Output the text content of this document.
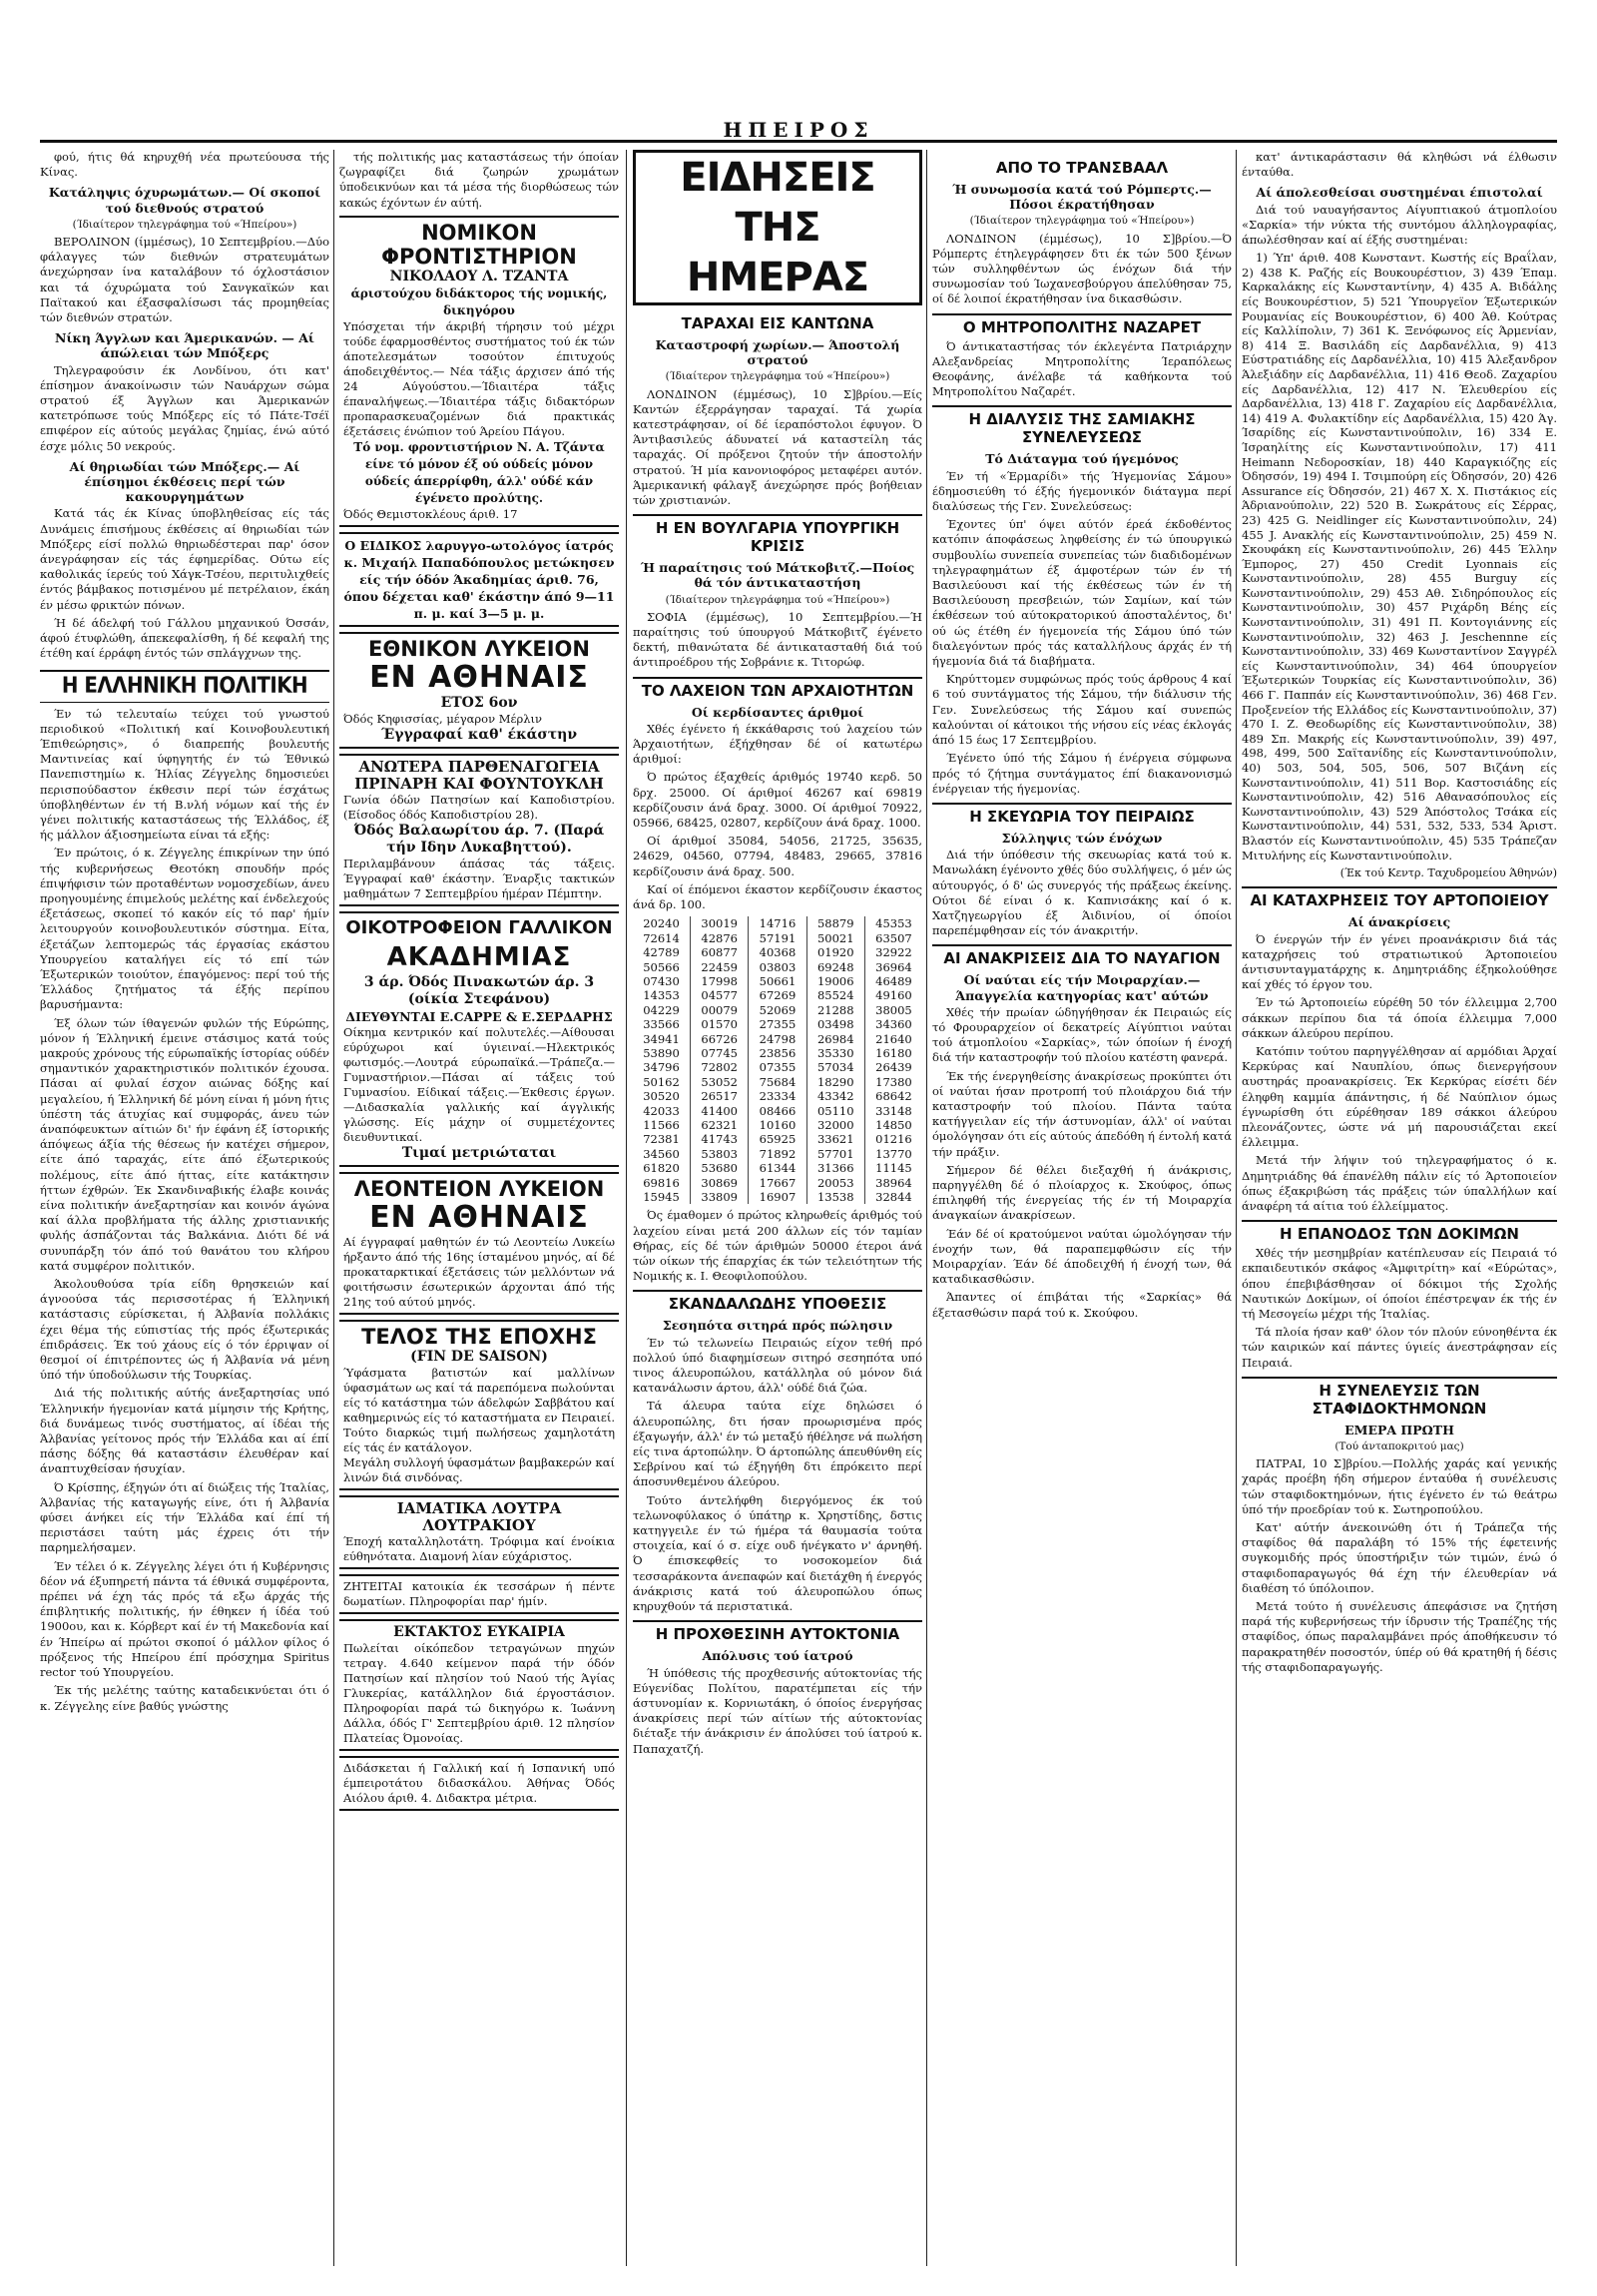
ΗΠΕΙΡΟΣ

φού, ήτις θά κηρυχθή νέα πρωτεύουσα τής Κίνας.

Κατάληψις όχυρωμάτων.— Οί σκοποί τού διεθνούς στρατού
(Ίδιαίτερον τηλεγράφημα τού «Ήπείρου»)

ΒΕΡΟΛΙΝΟΝ (ίμμέσως), 10 Σεπτεμβρίου.—Δύο φάλαγγες τών διεθνών στρατευμάτων άνεχώρησαν ίνα καταλάβουν τό όχλοστάσιον και τά όχυρώματα τού Σανγκαϊκών και Παϊτακού και έξασφαλίσωσι τάς προμηθείας τών διεθνών στρατών.

Νίκη Άγγλων και Άμερικανών. — Αί άπώλειαι τών Μπόξερς

Τηλεγραφούσιν έκ Λονδίνου, ότι κατ' έπίσημον άνακοίνωσιν τών Ναυάρχων σώμα στρατού έξ Άγγλων και Άμερικανών κατετρόπωσε τούς Μπόξερς είς τό Πάτε-Τσέϊ επιφέρον είς αύτούς μεγάλας ζημίας, ένώ αύτό έσχε μόλις 50 νεκρούς.

Αί θηριωδίαι τών Μπόξερς.— Αί έπίσημοι έκθέσεις περί τών κακουργημάτων

Κατά τάς έκ Κίνας ύποβληθείσας είς τάς Δυνάμεις έπισήμους έκθέσεις αί θηριωδίαι τών Μπόξερς είσί πολλώ θηριωδέστεραι παρ' όσον άνεγράφησαν είς τάς έφημερίδας. Ούτω είς καθολικάς ίερεύς τού Χάγκ-Τσέου, περιτυλιχθείς έντός βάμβακος ποτισμένου μέ πετρέλαιον, έκάη έν μέσω φρικτών πόνων.

Ή δέ άδελφή τού Γάλλου μηχανικού Όσσάν, άφού έτυφλώθη, άπεκεφαλίσθη, ή δέ κεφαλή της έτέθη καί έρράφη έντός τών σπλάγχνων της.

Η ΕΛΛΗΝΙΚΗ ΠΟΛΙΤΙΚΗ

Έν τώ τελευταίω τεύχει τού γνωστού περιοδικού «Πολιτική καί Κοινοβουλευτική Έπιθεώρησις», ό διαπρεπής βουλευτής Μαντινείας καί ύφηγητής έν τώ Έθνικώ Πανεπιστημίω κ. Ήλίας Ζέγγελης δημοσιεύει περισπούδαστον έκθεσιν περί τών έσχάτως ύποβληθέντων έν τή Β.νλή νόμων καί τής έν γένει πολιτικής καταστάσεως τής Έλλάδος, έξ ής μάλλον άξιοσημείωτα είναι τά εξής:

Έν πρώτοις, ό κ. Ζέγγελης έπικρίνων την ύπό τής κυβερνήσεως Θεοτόκη σπουδήν πρός έπιψήφισιν τών προταθέντων νομοσχεδίων, άνευ προηγουμένης έπιμελούς μελέτης καί ένδελεχούς έξετάσεως, σκοπεί τό κακόν είς τό παρ' ήμίν λειτουργούν κοινοβουλευτικόν σύστημα. Είτα, έξετάζων λεπτομερώς τάς έργασίας εκάστου Υπουργείου καταλήγει είς τό επί τών Έξωτερικών τοιούτον, έπαγόμενος: περί τού τής Έλλάδος ζητήματος τά έξής περίπου βαρυσήμαντα:

Έξ όλων τών ίθαγενών φυλών τής Εύρώπης, μόνον ή Έλληνική έμεινε στάσιμος κατά τούς μακρούς χρόνους τής εύρωπαϊκής ίστορίας ούδέν σημαντικόν χαρακτηριστικόν πολιτικόν έχουσα. Πάσαι αί φυλαί έσχον αιώνας δόξης καί μεγαλείου, ή Έλληνική δέ μόνη είναι ή μόνη ήτις ύπέστη τάς άτυχίας καί συμφοράς, άνευ τών άναπόφευκτων αίτιών δι' ήν έφάνη έξ ίστορικής άπόψεως άξία τής θέσεως ήν κατέχει σήμερον, είτε άπό ταραχάς, είτε άπό έξωτερικούς πολέμους, είτε άπό ήττας, είτε κατάκτησιν ήττων έχθρών. Έκ Σκανδιναβικής έλαβε κοινάς είνα πολιτικήν άνεξαρτησίαν και κοινόν άγώνα καί άλλα προβλήματα τής άλλης χριστιανικής φυλής άσπάζονται τάς Βαλκάνια. Διότι δέ νά συνυπάρξη τόν άπό τού θανάτου του κλήρου κατά συμφέρον πολιτικόν.

Άκολουθούσα τρία είδη θρησκειών καί άγνοούσα τάς περισσοτέρας ή Έλληνική κατάστασις εύρίσκεται, ή Άλβανία πολλάκις έχει θέμα τής εύπιστίας τής πρός έξωτερικάς έπιδράσεις. Έκ τού χάους είς ό τόν έρριψαν οί θεσμοί οί έπιτρέποντες ώς ή Άλβανία νά μένη ύπό τήν ύποδούλωσιν τής Τουρκίας.

Διά τής πολιτικής αύτής άνεξαρτησίας υπό Έλληνικήν ήγεμονίαν κατά μίμησιν τής Κρήτης, διά δυνάμεως τινός συστήματος, αί ίδέαι τής Άλβανίας γείτονος πρός τήν Έλλάδα και αί έπί πάσης δόξης θά καταστάσιν έλευθέραν καί άναπτυχθείσαν ήσυχίαν.

Ό Κρίσπης, έξηγών ότι αί διώξεις τής Ίταλίας, Άλβανίας τής καταγωγής είνε, ότι ή Άλβανία φύσει άνήκει είς τήν Έλλάδα καί έπί τή περιστάσει ταύτη μάς έχρεις ότι τήν παρημελήσαμεν.

Έν τέλει ό κ. Ζέγγελης λέγει ότι ή Κυβέρνησις δέον νά έξυπηρετή πάντα τά έθνικά συμφέροντα, πρέπει νά έχη τάς πρός τά εξω άρχάς τής έπιβλητικής πολιτικής, ήν έθηκεν ή ίδέα τού 1900ου, και κ. Κόρβερτ καί έν τή Μακεδονία καί έν Ήπείρω αί πρώτοι σκοποί ό μάλλον φίλος ό πρόξενος τής Ηπείρου έπί πρόσχημα Spiritus rector τού Υπουργείου.

Έκ τής μελέτης ταύτης καταδεικνύεται ότι ό κ. Ζέγγελης είνε βαθύς γνώστης

τής πολιτικής μας καταστάσεως τήν όποίαν ζωγραφίζει διά ζωηρών χρωμάτων ύποδεικνύων και τά μέσα τής διορθώσεως τών κακώς έχόντων έν αύτή.

ΝΟΜΙΚΟΝ ΦΡΟΝΤΙΣΤΗΡΙΟΝ
ΝΙΚΟΛΑΟΥ Λ. ΤΖΑΝΤΑ
άριστούχου διδάκτορος τής νομικής, δικηγόρου
Υπόσχεται τήν άκριβή τήρησιν τού μέχρι τούδε έφαρμοσθέντος συστήματος τού έκ τών άποτελεσμάτων τοσούτον έπιτυχούς άποδειχθέντος.— Νέα τάξις άρχισεν άπό τής 24 Αύγούστου.—Ίδιαιτέρα τάξις έπαναλήψεως.—Ίδιαιτέρα τάξις διδακτόρων προπαρασκευαζομένων διά πρακτικάς έξετάσεις ένώπιον τού Άρείου Πάγου.
Τό νομ. φροντιστήριον Ν. Α. Τζάντα είνε τό μόνον έξ ού ούδείς μόνον ούδείς άπερρίφθη, άλλ' ούδέ κάν έγένετο προλύτης.
Όδός Θεμιστοκλέους άριθ. 17
Ο ΕΙΔΙΚΟΣ λαρυγγο-ωτολόγος ίατρός κ. Μιχαήλ Παπαδόπουλος μετώκησεν είς τήν όδόν Άκαδημίας άριθ. 76, όπου δέχεται καθ' έκάστην άπό 9—11 π. μ. καί 3—5 μ. μ.
ΕΘΝΙΚΟΝ ΛΥΚΕΙΟΝ
ΕΝ ΑΘΗΝΑΙΣ
ΕΤΟΣ 6ον
Όδός Κηφισσίας, μέγαρον Μέρλιν
Έγγραφαί καθ' έκάστην
ΑΝΩΤΕΡΑ ΠΑΡΘΕΝΑΓΩΓΕΙΑ
ΠΡΙΝΑΡΗ ΚΑΙ ΦΟΥΝΤΟΥΚΛΗ
Γωνία όδών Πατησίων καί Καποδιστρίου. (Είσοδος όδός Καποδιστρίου 28).
Όδός Βαλαωρίτου άρ. 7. (Παρά τήν Ιδην Λυκαβηττού).
Περιλαμβάνουν άπάσας τάς τάξεις. Έγγραφαί καθ' έκάστην. Έναρξις τακτικών μαθημάτων 7 Σεπτεμβρίου ήμέραν Πέμπτην.
ΟΙΚΟΤΡΟΦΕΙΟΝ ΓΑΛΛΙΚΟΝ
ΑΚΑΔΗΜΙΑΣ
3 άρ. Όδός Πινακωτών άρ. 3 (οίκία Στεφάνου)
ΔΙΕΥΘΥΝΤΑΙ Ε.CAPPE & Ε.ΣΕΡΔΑΡΗΣ
Οίκημα κεντρικόν καί πολυτελές.—Αίθουσαι εύρύχωροι καί ύγιειναί.—Ηλεκτρικός φωτισμός.—Λουτρά εύρωπαϊκά.—Τράπεζα.—Γυμναστήριον.—Πάσαι αί τάξεις τού Γυμνασίου. Είδικαί τάξεις.—Έκθεσις έργων.—Διδασκαλία γαλλικής καί άγγλικής γλώσσης. Είς μάχην οί συμμετέχοντες διευθυντικαί.
Τιμαί μετριώταται
ΛΕΟΝΤΕΙΟΝ ΛΥΚΕΙΟΝ
ΕΝ ΑΘΗΝΑΙΣ
Αί έγγραφαί μαθητών έν τώ Λεοντείω Λυκείω ήρξαντο άπό τής 16ης ίσταμένου μηνός, αί δέ προκαταρκτικαί έξετάσεις τών μελλόντων νά φοιτήσωσιν έσωτερικών άρχονται άπό τής 21ης τού αύτού μηνός.
ΤΕΛΟΣ ΤΗΣ ΕΠΟΧΗΣ
(FIN DE SAISON)
Ύφάσματα βατιστών καί μαλλίνων ύφασμάτων ως καί τά παρεπόμενα πωλούνται είς τό κατάστημα τών άδελφών Σαββάτου καί καθημερινώς είς τό καταστήματα εν Πειραιεί. Τούτο διαρκώς τιμή πωλήσεως χαμηλοτάτη είς τάς έν κατάλογον.
Μεγάλη συλλογή ύφασμάτων βαμβακερών καί λινών διά σινδόνας.
ΙΑΜΑΤΙΚΑ ΛΟΥΤΡΑ ΛΟΥΤΡΑΚΙΟΥ
Έποχή καταλληλοτάτη. Τρόφιμα καί ένοίκια εύθηνότατα. Διαμονή λίαν εύχάριστος.
ΖΗΤΕΙΤΑΙ κατοικία έκ τεσσάρων ή πέντε δωματίων. Πληροφορίαι παρ' ήμίν.
ΕΚΤΑΚΤΟΣ ΕΥΚΑΙΡΙΑ
Πωλείται οίκόπεδον τετραγώνων πηχών τετραγ. 4.640 κείμενον παρά τήν όδόν Πατησίων καί πλησίον τού Ναού τής Άγίας Γλυκερίας, κατάλληλον διά έργοστάσιον. Πληροφορίαι παρά τώ δικηγόρω κ. Ίωάννη Δάλλα, όδός Γ' Σεπτεμβρίου άριθ. 12 πλησίον Πλατείας Όμονοίας.
Διδάσκεται ή Γαλλική καί ή Ισπανική υπό έμπειροτάτου διδασκάλου. Άθήνας Όδός Αιόλου άριθ. 4. Διδακτρα μέτρια.
ΕΙΔΗΣΕΙΣ ΤΗΣ ΗΜΕΡΑΣ
ΤΑΡΑΧΑΙ ΕΙΣ ΚΑΝΤΩΝΑ
Καταστροφή χωρίων.— Άποστολή στρατού
(Ίδιαίτερον τηλεγράφημα τού «Ήπείρου»)

ΛΟΝΔΙΝΟΝ (έμμέσως), 10 Σ]βρίου.—Είς Καντών έξερράγησαν ταραχαί. Τά χωρία κατεστράφησαν, οί δέ ίεραπόστολοι έφυγον. Ό Άντιβασιλεύς άδυνατεί νά καταστείλη τάς ταραχάς. Οί πρόξενοι ζητούν τήν άποστολήν στρατού. Ή μία κανονιοφόρος μεταφέρει αυτόν. Άμερικανική φάλαγξ άνεχώρησε πρός βοήθειαν τών χριστιανών.

Η ΕΝ ΒΟΥΛΓΑΡΙΑ ΥΠΟΥΡΓΙΚΗ ΚΡΙΣΙΣ
Ή παραίτησις τού Μάτκοβιτζ.—Ποίος θά τόν άντικαταστήση
(Ίδιαίτερον τηλεγράφημα τού «Ήπείρου»)

ΣΟΦΙΑ (έμμέσως), 10 Σεπτεμβρίου.—Ή παραίτησις τού ύπουργού Μάτκοβιτζ έγένετο δεκτή, πιθανώτατα δέ άντικατασταθή διά τού άντιπροέδρου τής Σοβράνιε κ. Τιτορώφ.

ΤΟ ΛΑΧΕΙΟΝ ΤΩΝ ΑΡΧΑΙΟΤΗΤΩΝ
Οί κερδίσαντες άριθμοί

Χθές έγένετο ή έκκάθαρσις τού λαχείου τών Άρχαιοτήτων, έξήχθησαν δέ οί κατωτέρω άριθμοί:

Ό πρώτος έξαχθείς άριθμός 19740 κερδ. 50 δρχ. 25000. Οί άριθμοί 46267 καί 69819 κερδίζουσιν άνά δραχ. 3000. Οί άριθμοί 70922, 05966, 68425, 02807, κερδίζουν άνά δραχ. 1000.

Οί άριθμοί 35084, 54056, 21725, 35635, 24629, 04560, 07794, 48483, 29665, 37816 κερδίζουσιν άνά δραχ. 500.

Καί οί έπόμενοι έκαστον κερδίζουσιν έκαστος άνά δρ. 100.

20240	30019	14716	58879	45353
72614	42876	57191	50021	63507
42789	60877	40368	01920	32922
50566	22459	03803	69248	36964
07430	17998	50661	19006	46489
14353	04577	67269	85524	49160
04229	00079	52069	21288	38005
33566	01570	27355	03498	34360
34941	66726	24798	26984	21640
53890	07745	23856	35330	16180
34796	72802	07355	57034	26439
50162	53052	75684	18290	17380
30520	26517	23334	43342	68642
42033	41400	08466	05110	33148
11566	62321	10160	32000	14850
72381	41743	65925	33621	01216
34560	53803	71892	57701	13770
61820	53680	61344	31366	11145
69816	30869	17667	20053	38964
15945	33809	16907	13538	32844

Ός έμαθομεν ό πρώτος κληρωθείς άριθμός τού λαχείου είναι μετά 200 άλλων είς τόν ταμίαν Θήρας, είς δέ τών άριθμών 50000 έτεροι άνά τών οίκων τής έπαρχίας έκ τών τελειότητων τής Νομικής κ. Ι. Θεοφιλοπούλου.

ΣΚΑΝΔΑΛΩΔΗΣ ΥΠΟΘΕΣΙΣ
Σεσηπότα σιτηρά πρός πώλησιν

Έν τώ τελωνείω Πειραιώς είχον τεθή πρό πολλού ύπό διαφημίσεων σιτηρό σεσηπότα υπό τινος άλευροπώλου, κατάλληλα ού μόνον διά κατανάλωσιν άρτου, άλλ' ούδέ διά ζώα.

Τά άλευρα ταύτα είχε δηλώσει ό άλευροπώλης, δτι ήσαν προωρισμένα πρός έξαγωγήν, άλλ' έν τώ μεταξύ ήθέλησε νά πωλήση είς τινα άρτοπώλην. Ό άρτοπώλης άπευθύνθη είς Σεβρίνου καί τώ έξηγήθη δτι έπρόκειτο περί άποσυνθεμένου άλεύρου.

Τούτο άντελήφθη διεργόμενος έκ τού τελωνοφύλακος ό ύπάτηρ κ. Χρηστίδης, δστις κατηγγειλε έν τώ ήμέρα τά θαυμασία τούτα στοιχεία, καί ό σ. είχε ουδ ήνέγκατο ν' άρνηθή. Ό έπισκεφθείς το νοσοκομείον διά τεσσαράκοντα άνεπαφών καί διετάχθη ή ένεργός άνάκρισις κατά τού άλευροπώλου όπως κηρυχθούν τά περιστατικά.

Η ΠΡΟΧΘΕΣΙΝΗ ΑΥΤΟΚΤΟΝΙΑ
Απόλυσις τού ίατρού

Ή ύπόθεσις τής προχθεσινής αύτοκτονίας τής Εύγενίδας Πολίτου, παρατέμπεται είς τήν άστυνομίαν κ. Κορνιωτάκη, ό όποίος ένεργήσας άνακρίσεις περί τών αίτίων τής αύτοκτονίας διέταξε τήν άνάκρισιν έν άπολύσει τού ίατρού κ. Παπαχατζή.

ΑΠΟ ΤΟ ΤΡΑΝΣΒΑΑΛ
Ή συνωμοσία κατά τού Ρόμπερτς.— Πόσοι έκρατήθησαν
(Ίδιαίτερον τηλεγράφημα τού «Ήπείρου»)

ΛΟΝΔΙΝΟΝ (έμμέσως), 10 Σ]βρίου.—Ό Ρόμπερτς έτηλεγράφησεν δτι έκ τών 500 ξένων τών συλληφθέντων ώς ένόχων διά τήν συνωμοσίαν τού Ίωχανεσβούργου άπελύθησαν 75, οί δέ λοιποί έκρατήθησαν ίνα δικασθώσιν.

Ο ΜΗΤΡΟΠΟΛΙΤΗΣ ΝΑΖΑΡΕΤ

Ό άντικαταστήσας τόν έκλεγέντα Πατριάρχην Αλεξανδρείας Μητροπολίτης Ίεραπόλεως Θεοφάνης, άνέλαβε τά καθήκοντα τού Μητροπολίτου Ναζαρέτ.

Η ΔΙΑΛΥΣΙΣ ΤΗΣ ΣΑΜΙΑΚΗΣ ΣΥΝΕΛΕΥΣΕΩΣ
Τό Διάταγμα τού ήγεμόνος

Έν τή «Έρμαρίδι» τής Ήγεμονίας Σάμου» έδημοσιεύθη τό έξής ήγεμονικόν διάταγμα περί διαλύσεως τής Γεν. Συνελεύσεως:

Έχοντες ύπ' όψει αύτόν έρεά έκδοθέντος κατόπιν άποφάσεως ληφθείσης έν τώ ύπουργικώ συμβουλίω συνεπεία συνεπείας τών διαδιδομένων τηλεγραφημάτων έξ άμφοτέρων τών έν τή Βασιλεύουσι καί τής έκθέσεως τών έν τή Βασιλεύουση πρεσβειών, τών Σαμίων, καί τών έκθέσεων τού αύτοκρατορικού άποσταλέντος, δι' ού ώς έτέθη έν ήγεμονεία τής Σάμου ύπό τών διαλεγόντων πρός τάς καταλλήλους άρχάς έν τή ήγεμονία διά τά διαβήματα.

Κηρύττομεν συμφώνως πρός τούς άρθρους 4 καί 6 τού συντάγματος τής Σάμου, τήν διάλυσιν τής Γεν. Συνελεύσεως τής Σάμου καί συνεπώς καλούνται οί κάτοικοι τής νήσου είς νέας έκλογάς άπό 15 έως 17 Σεπτεμβρίου.

Έγένετο ύπό τής Σάμου ή ένέργεια σύμφωνα πρός τό ζήτημα συντάγματος έπί διακανονισμώ ένέργειαν τής ήγεμονίας.

Η ΣΚΕΥΩΡΙΑ ΤΟΥ ΠΕΙΡΑΙΩΣ
Σύλληψις τών ένόχων

Διά τήν ύπόθεσιν τής σκευωρίας κατά τού κ. Μανωλάκη έγένοντο χθές δύο συλλήψεις, ό μέν ώς αύτουργός, ό δ' ώς συνεργός τής πράξεως έκείνης. Ούτοι δέ είναι ό κ. Καπνισάκης καί ό κ. Χατζηγεωργίου έξ Άιδινίου, οί όποίοι παρεπέμφθησαν είς τόν άνακριτήν.

ΑΙ ΑΝΑΚΡΙΣΕΙΣ ΔΙΑ ΤΟ ΝΑΥΑΓΙΟΝ
Οί ναύται είς τήν Μοιραρχίαν.— Άπαγγελία κατηγορίας κατ' αύτών

Χθές τήν πρωίαν ώδηγήθησαν έκ Πειραιώς είς τό Φρουραρχείον οί δεκατρείς Αίγύπτιοι ναύται τού άτμοπλοίου «Σαρκίας», τών όποίων ή ένοχή διά τήν καταστροφήν τού πλοίου κατέστη φανερά.

Έκ τής ένεργηθείσης άνακρίσεως προκύπτει ότι οί ναύται ήσαν προτροπή τού πλοιάρχου διά τήν καταστροφήν τού πλοίου. Πάντα ταύτα κατήγγειλαν είς τήν άστυνομίαν, άλλ' οί ναύται όμολόγησαν ότι είς αύτούς άπεδόθη ή έντολή κατά τήν πράξιν.

Σήμερον δέ θέλει διεξαχθή ή άνάκρισις, παρηγγέλθη δέ ό πλοίαρχος κ. Σκούφος, όπως έπιληφθή τής ένεργείας τής έν τή Μοιραρχία άναγκαίων άνακρίσεων.

Έάν δέ οί κρατούμενοι ναύται ώμολόγησαν τήν ένοχήν των, θά παραπεμφθώσιν είς τήν Μοιραρχίαν. Έάν δέ άποδειχθή ή ένοχή των, θά καταδικασθώσιν.

Άπαντες οί έπιβάται τής «Σαρκίας» θά έξετασθώσιν παρά τού κ. Σκούφου.

κατ' άντικαράστασιν θά κληθώσι νά έλθωσιν ένταύθα.

Αί άπολεσθείσαι συστημέναι έπιστολαί

Διά τού ναυαγήσαντος Αίγυπτιακού άτμοπλοίου «Σαρκία» τήν νύκτα τής συντόμου άλληλογραφίας, άπωλέσθησαν καί αί έξής συστημέναι:

1) Ύπ' άριθ. 408 Κωνσταντ. Κωστής είς Βραΐλαν, 2) 438 Κ. Ραζής είς Βουκουρέστιον, 3) 439 Έπαμ. Καρκαλάκης είς Κωνσταντίνην, 4) 435 Α. Βιδάλης είς Βουκουρέστιον, 5) 521 Ύπουργεϊον Έξωτερικών Ρουμανίας είς Βουκουρέστιον, 6) 400 Άθ. Κούτρας είς Καλλίπολιν, 7) 361 Κ. Ξενόφωνος είς Άρμενίαν, 8) 414 Ξ. Βασιλάδη είς Δαρδανέλλια, 9) 413 Εύστρατιάδης είς Δαρδανέλλια, 10) 415 Άλεξανδρον Άλεξιάδην είς Δαρδανέλλια, 11) 416 Θεοδ. Ζαχαρίου είς Δαρδανέλλια, 12) 417 Ν. Έλευθερίου είς Δαρδανέλλια, 13) 418 Γ. Ζαχαρίου είς Δαρδανέλλια, 14) 419 Α. Φυλακτίδην είς Δαρδανέλλια, 15) 420 Άγ. Ίσαρίδης είς Κωνσταντινούπολιν, 16) 334 Ε. Ίσραηλίτης είς Κωνσταντινούπολιν, 17) 411 Heimann Νεδοροσκίαν, 18) 440 Καραγκιόζης είς Όδησσόν, 19) 494 Ι. Τσιμπούρη είς Όδησσόν, 20) 426 Assurance είς Όδησσόν, 21) 467 Χ. Χ. Πιστάκιος είς Άδριανούπολιν, 22) 520 Β. Σωκράτους είς Σέρρας, 23) 425 G. Neidlinger είς Κωνσταντινούπολιν, 24) 455 J. Ανακλής είς Κωνσταντινούπολιν, 25) 459 Ν. Σκουφάκη είς Κωνσταντινούπολιν, 26) 445 Έλλην Έμπορος, 27) 450 Credit Lyonnais είς Κωνσταντινούπολιν, 28) 455 Burguy είς Κωνσταντινούπολιν, 29) 453 Αθ. Σιδηρόπουλος είς Κωνσταντινούπολιν, 30) 457 Ριχάρδη Βέης είς Κωνσταντινούπολιν, 31) 491 Π. Κοντογιάννης είς Κωνσταντινούπολιν, 32) 463 J. Jeschennne είς Κωνσταντινούπολιν, 33) 469 Κωνσταντίνον Σαγγρέλ είς Κωνσταντινούπολιν, 34) 464 ύπουργείον Έξωτερικών Τουρκίας είς Κωνσταντινούπολιν, 36) 466 Γ. Παππάν είς Κωνσταντινούπολιν, 36) 468 Γεν. Προξενείον τής Ελλάδος είς Κωνσταντινούπολιν, 37) 470 Ι. Ζ. Θεοδωρίδης είς Κωνσταντινούπολιν, 38) 489 Σπ. Μακρής είς Κωνσταντινούπολιν, 39) 497, 498, 499, 500 Σαϊτανίδης είς Κωνσταντινούπολιν, 40) 503, 504, 505, 506, 507 Βιζάνη είς Κωνσταντινούπολιν, 41) 511 Βορ. Καστοσιάδης είς Κωνσταντινούπολιν, 42) 516 Αθανασόπουλος είς Κωνσταντινούπολιν, 43) 529 Άπόστολος Τσάκα είς Κωνσταντινούπολιν, 44) 531, 532, 533, 534 Άριστ. Βλαστόν είς Κωνσταντινούπολιν, 45) 535 Τράπεζαν Μιτυλήνης είς Κωνσταντινούπολιν.

(Έκ τού Κεντρ. Ταχυδρομείου Άθηνών)

ΑΙ ΚΑΤΑΧΡΗΣΕΙΣ ΤΟΥ ΑΡΤΟΠΟΙΕΙΟΥ
Αί άνακρίσεις

Ό ένεργών τήν έν γένει προανάκρισιν διά τάς καταχρήσεις τού στρατιωτικού Άρτοποιείου άντισυνταγματάρχης κ. Δημητριάδης έξηκολούθησε καί χθές τό έργον του.

Έν τώ Άρτοποιείω εύρέθη 50 τόν έλλειμμα 2,700 σάκκων περίπου δια τά όποία έλλειμμα 7,000 σάκκων άλεύρου περίπου.

Κατόπιν τούτου παρηγγέλθησαν αί αρμόδιαι Άρχαί Κερκύρας καί Ναυπλίου, όπως διενεργήσουν αυστηράς προανακρίσεις. Έκ Κερκύρας είσέτι δέν έληφθη καμμία άπάντησις, ή δέ Ναύπλιον όμως έγνωρίσθη ότι εύρέθησαν 189 σάκκοι άλεύρου πλεονάζοντες, ώστε νά μή παρουσιάζεται εκεί έλλειμμα.

Μετά τήν λήψιν τού τηλεγραφήματος ό κ. Δημητριάδης θά έπανέλθη πάλιν είς τό Άρτοποιείον όπως έξακριβώση τάς πράξεις τών ύπαλλήλων καί άναφέρη τά αίτια τού έλλείμματος.

Η ΕΠΑΝΟΔΟΣ ΤΩΝ ΔΟΚΙΜΩΝ

Χθές τήν μεσημβρίαν κατέπλευσαν είς Πειραιά τό εκπαιδευτικόν σκάφος «Άμφιτρίτη» καί «Εύρώτας», όπου έπεβιβάσθησαν οί δόκιμοι τής Σχολής Ναυτικών Δοκίμων, οί όποίοι έπέστρεψαν έκ τής έν τή Μεσογείω μέχρι τής Ίταλίας.

Τά πλοία ήσαν καθ' όλον τόν πλούν εύνοηθέντα έκ τών καιρικών καί πάντες ύγιείς άνεστράφησαν είς Πειραιά.

Η ΣΥΝΕΛΕΥΣΙΣ ΤΩΝ ΣΤΑΦΙΔΟΚΤΗΜΟΝΩΝ
ΕΜΕΡΑ ΠΡΩΤΗ
(Τού άνταποκριτού μας)

ΠΑΤΡΑΙ, 10 Σ]βρίου.—Πολλής χαράς καί γενικής χαράς προέβη ήδη σήμερον ένταύθα ή συνέλευσις τών σταφιδοκτημόνων, ήτις έγένετο έν τώ θεάτρω ύπό τήν προεδρίαν τού κ. Σωτηροπούλου.

Κατ' αύτήν άνεκοινώθη ότι ή Τράπεζα τής σταφίδος θά παραλάβη τό 15% τής έφετεινής συγκομιδής πρός ύποστήριξιν τών τιμών, ένώ ό σταφιδοπαραγωγός θά έχη τήν έλευθερίαν νά διαθέση τό ύπόλοιπον.

Μετά τούτο ή συνέλευσις άπεφάσισε να ζητήση παρά τής κυβερνήσεως τήν ίδρυσιν τής Τραπέζης τής σταφίδος, όπως παραλαμβάνει πρός άποθήκευσιν τό παρακρατηθέν ποσοστόν, ύπέρ ού θά κρατηθή ή δέσις τής σταφιδοπαραγωγής.
